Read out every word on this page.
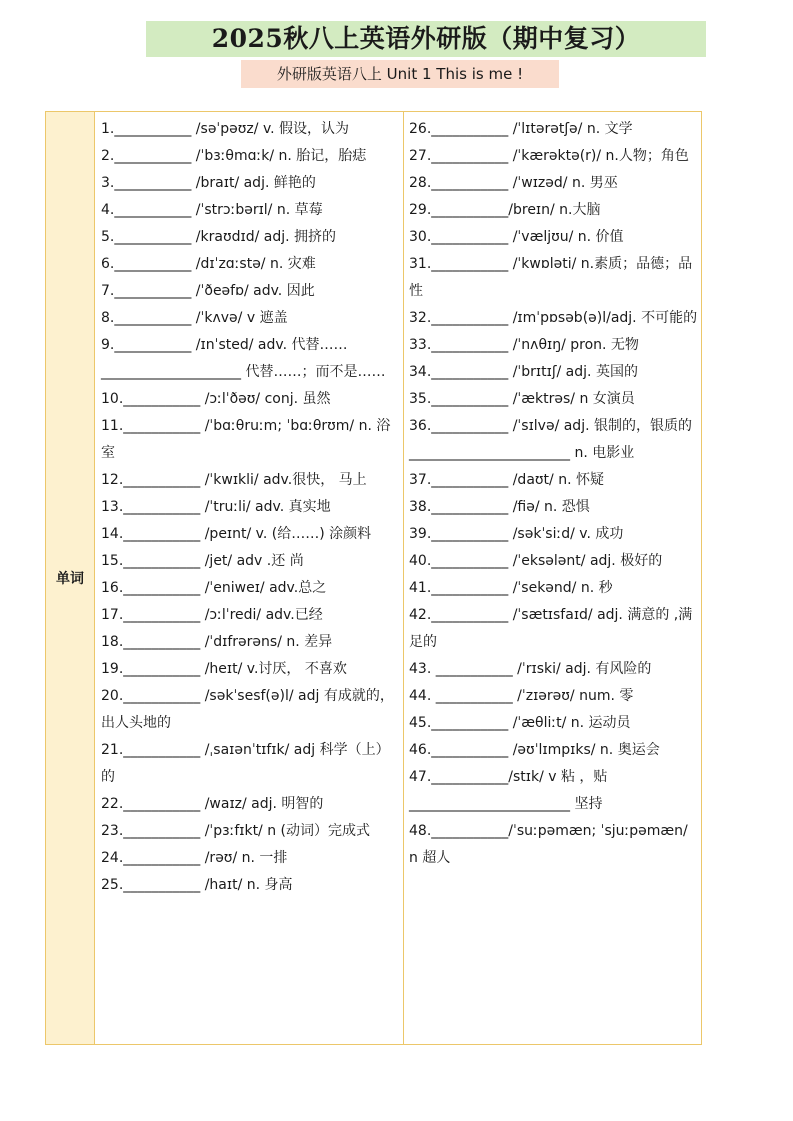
2025秋八上英语外研版（期中复习）
外研版英语八上 Unit 1 This is me !
单词

1.___________ /səˈpəʊz/ v. 假设，认为

2.___________ /ˈbɜːθmɑːk/ n. 胎记，胎痣

3.___________ /braɪt/ adj. 鲜艳的

4.___________ /ˈstrɔːbərɪl/ n. 草莓

5.___________ /kraʊdɪd/ adj. 拥挤的

6.___________ /dɪˈzɑːstə/ n. 灾难

7.___________ /ˈðeəfɒ/ adv. 因此

8.___________ /ˈkʌvə/ v 遮盖

9.___________ /ɪnˈsted/ adv. 代替……

____________________ 代替……；而不是……

10.___________ /ɔːlˈðəʊ/ conj. 虽然

11.___________ /ˈbɑːθruːm; ˈbɑːθrʊm/ n. 浴室

12.___________ /ˈkwɪkli/ adv.很快， 马上

13.___________ /ˈtruːli/ adv. 真实地

14.___________ /peɪnt/ v. (给……) 涂颜料

15.___________ /jet/ adv .还 尚

16.___________ /ˈeniweɪ/ adv.总之

17.___________ /ɔːlˈredi/ adv.已经

18.___________ /ˈdɪfrərəns/ n. 差异

19.___________ /heɪt/ v.讨厌， 不喜欢

20.___________ /səkˈsesf(ə)l/ adj 有成就的，出人头地的

21.___________ /ˌsaɪənˈtɪfɪk/ adj 科学（上）的

22.___________ /waɪz/ adj. 明智的

23.___________ /ˈpɜːfɪkt/ n (动词）完成式

24.___________ /rəʊ/ n. 一排

25.___________ /haɪt/ n. 身高

26.___________ /ˈlɪtərətʃə/ n. 文学

27.___________ /ˈkærəktə(r)/ n.人物；角色

28.___________ /ˈwɪzəd/ n. 男巫

29.___________/breɪn/ n.大脑

30.___________ /ˈvæljʊu/ n. 价值

31.___________ /ˈkwɒləti/ n.素质；品德；品性

32.___________ /ɪmˈpɒsəb(ə)l/adj. 不可能的

33.___________ /ˈnʌθɪŋ/ pron. 无物

34.___________ /ˈbrɪtɪʃ/ adj. 英国的

35.___________ /ˈæktrəs/ n 女演员

36.___________ /ˈsɪlvə/ adj. 银制的，银质的

_______________________ n. 电影业

37.___________ /daʊt/ n. 怀疑

38.___________ /fiə/ n. 恐惧

39.___________ /səkˈsiːd/ v. 成功

40.___________ /ˈeksələnt/ adj. 极好的

41.___________ /ˈsekənd/ n. 秒

42.___________ /ˈsætɪsfaɪd/ adj. 满意的 ,满足的

43. ___________ /ˈrɪski/ adj. 有风险的

44. ___________ /ˈzɪərəʊ/ num. 零

45.___________ /ˈæθliːt/ n. 运动员

46.___________ /əʊˈlɪmpɪks/ n. 奥运会

47.___________/stɪk/ v 粘 ，贴

_______________________ 坚持

48.___________/ˈsuːpəmæn; ˈsjuːpəmæn/ n 超人
